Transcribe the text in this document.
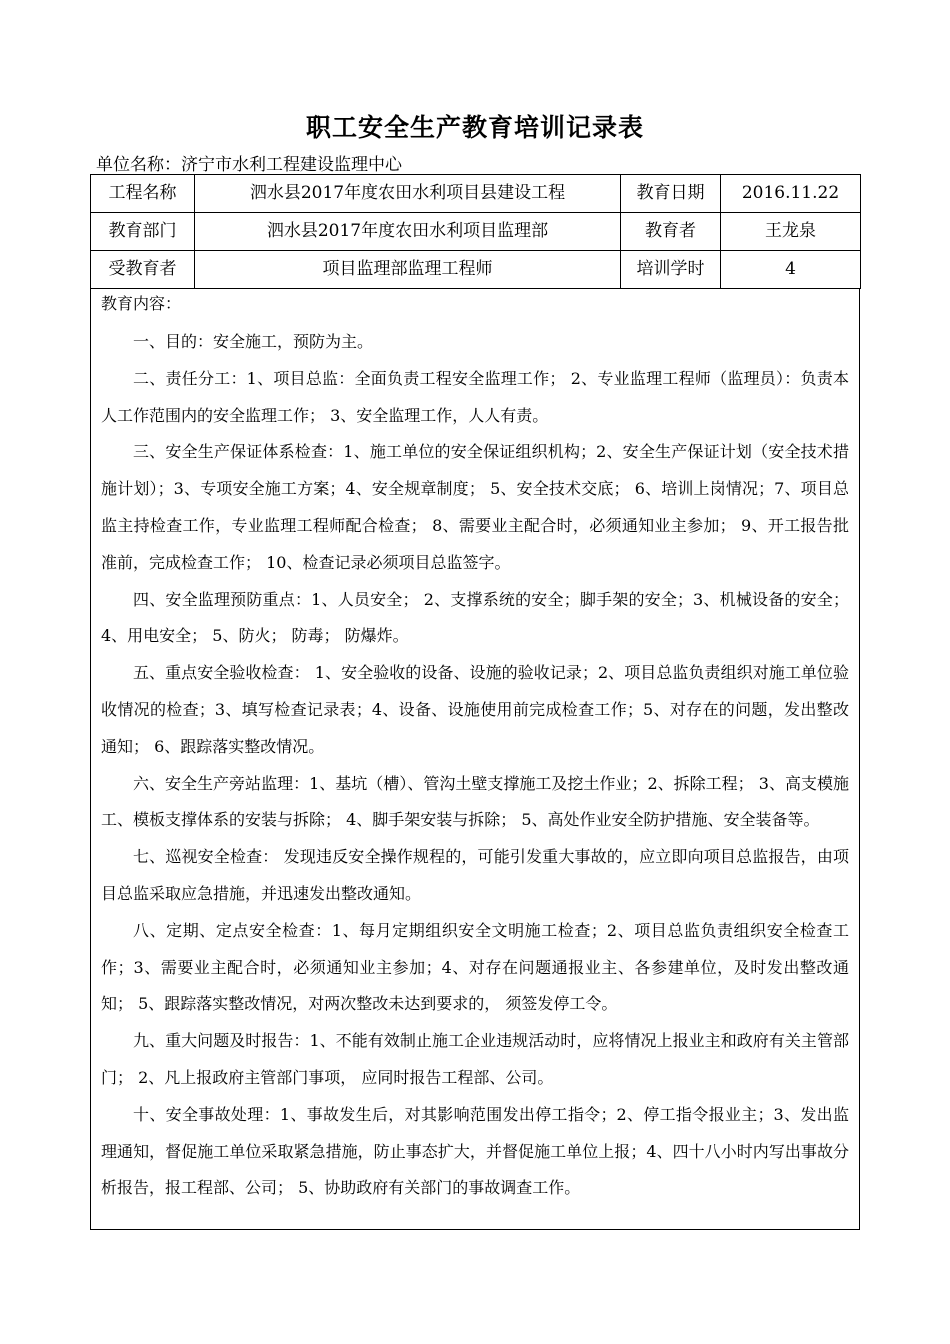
职工安全生产教育培训记录表
单位名称：济宁市水利工程建设监理中心
工程名称	泗水县2017年度农田水利项目县建设工程	教育日期	2016.11.22
教育部门	泗水县2017年度农田水利项目监理部	教育者	王龙泉
受教育者	项目监理部监理工程师	培训学时	4
教育内容：

一、目的：安全施工，预防为主。

二、责任分工：1、项目总监：全面负责工程安全监理工作； 2、专业监理工程师（监理员）：负责本人工作范围内的安全监理工作； 3、安全监理工作，人人有责。

三、安全生产保证体系检查：1、施工单位的安全保证组织机构；2、安全生产保证计划（安全技术措施计划）；3、专项安全施工方案；4、安全规章制度； 5、安全技术交底； 6、培训上岗情况；7、项目总监主持检查工作，专业监理工程师配合检查； 8、需要业主配合时，必须通知业主参加； 9、开工报告批准前，完成检查工作； 10、检查记录必须项目总监签字。

四、安全监理预防重点：1、人员安全； 2、支撑系统的安全；脚手架的安全；3、机械设备的安全； 4、用电安全； 5、防火； 防毒； 防爆炸。

五、重点安全验收检查： 1、安全验收的设备、设施的验收记录；2、项目总监负责组织对施工单位验收情况的检查；3、填写检查记录表；4、设备、设施使用前完成检查工作；5、对存在的问题，发出整改通知； 6、跟踪落实整改情况。

六、安全生产旁站监理：1、基坑（槽）、管沟土壁支撑施工及挖土作业；2、拆除工程； 3、高支模施工、模板支撑体系的安装与拆除； 4、脚手架安装与拆除； 5、高处作业安全防护措施、安全装备等。

七、巡视安全检查： 发现违反安全操作规程的，可能引发重大事故的，应立即向项目总监报告，由项目总监采取应急措施，并迅速发出整改通知。

八、定期、定点安全检查：1、每月定期组织安全文明施工检查；2、项目总监负责组织安全检查工作；3、需要业主配合时，必须通知业主参加；4、对存在问题通报业主、各参建单位，及时发出整改通知； 5、跟踪落实整改情况，对两次整改未达到要求的， 须签发停工令。

九、重大问题及时报告：1、不能有效制止施工企业违规活动时，应将情况上报业主和政府有关主管部门； 2、凡上报政府主管部门事项， 应同时报告工程部、公司。

十、安全事故处理：1、事故发生后，对其影响范围发出停工指令；2、停工指令报业主；3、发出监理通知，督促施工单位采取紧急措施，防止事态扩大，并督促施工单位上报；4、四十八小时内写出事故分析报告，报工程部、公司； 5、协助政府有关部门的事故调查工作。
